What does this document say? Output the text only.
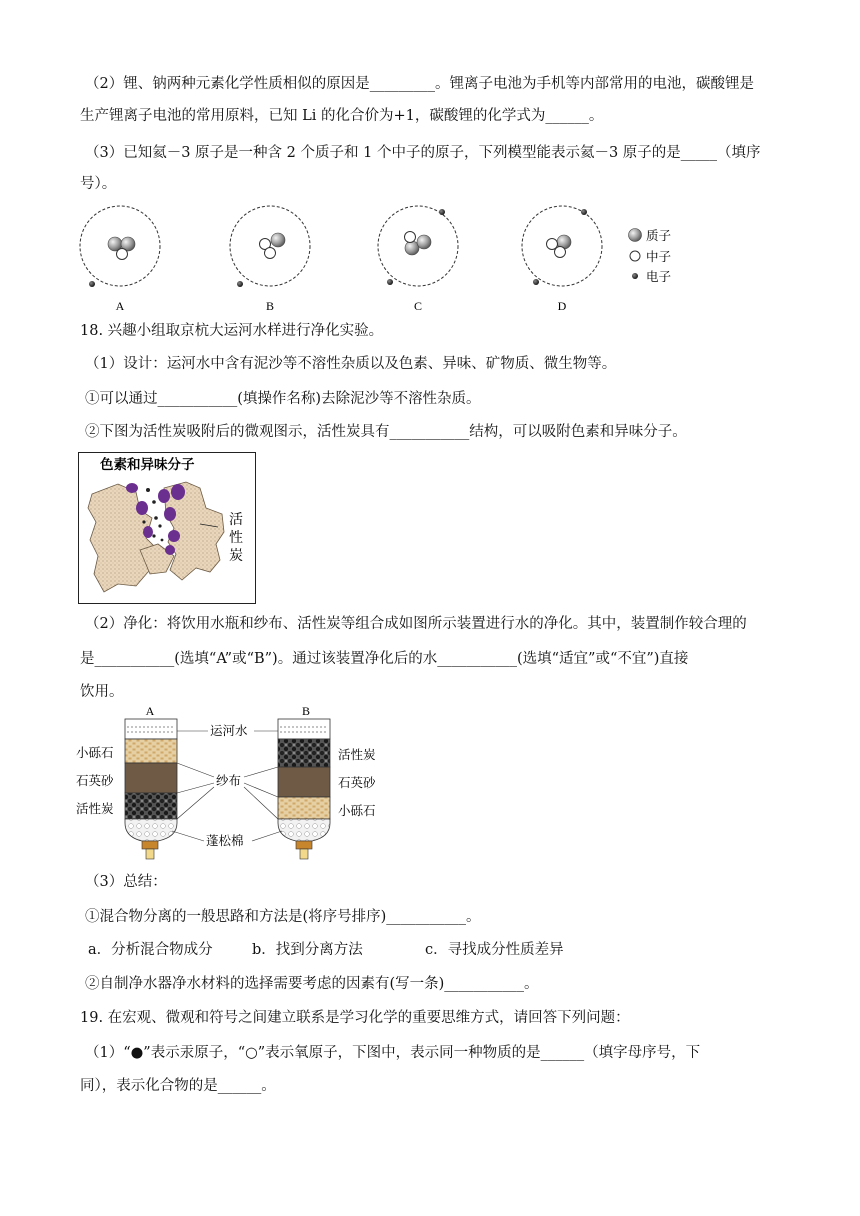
（2）锂、钠两种元素化学性质相似的原因是_________。锂离子电池为手机等内部常用的电池，碳酸锂是
生产锂离子电池的常用原料，已知 Li 的化合价为+1，碳酸锂的化学式为______。
（3）已知氦－3 原子是一种含 2 个质子和 1 个中子的原子，下列模型能表示氦－3 原子的是_____（填序
号）。
A	B	C	D
质子
中子
电子
18. 兴趣小组取京杭大运河水样进行净化实验。
（1）设计：运河水中含有泥沙等不溶性杂质以及色素、异味、矿物质、微生物等。
①可以通过___________(填操作名称)去除泥沙等不溶性杂质。
②下图为活性炭吸附后的微观图示，活性炭具有___________结构，可以吸附色素和异味分子。
色素和异味分子
活
性
炭
（2）净化：将饮用水瓶和纱布、活性炭等组合成如图所示装置进行水的净化。其中，装置制作较合理的
是___________(选填“A”或“B”)。通过该装置净化后的水___________(选填“适宜”或“不宜”)直接
饮用。
A	B
小砾石
石英砂
活性炭
活性炭
石英砂
小砾石
运河水
纱布
蓬松棉
（3）总结：
①混合物分离的一般思路和方法是(将序号排序)___________。
a．分析混合物成分	b．找到分离方法	c．寻找成分性质差异
②自制净水器净水材料的选择需要考虑的因素有(写一条)___________。
19. 在宏观、微观和符号之间建立联系是学习化学的重要思维方式，请回答下列问题：
（1）“●”表示汞原子，“○”表示氧原子，下图中，表示同一种物质的是______（填字母序号，下
同），表示化合物的是______。
